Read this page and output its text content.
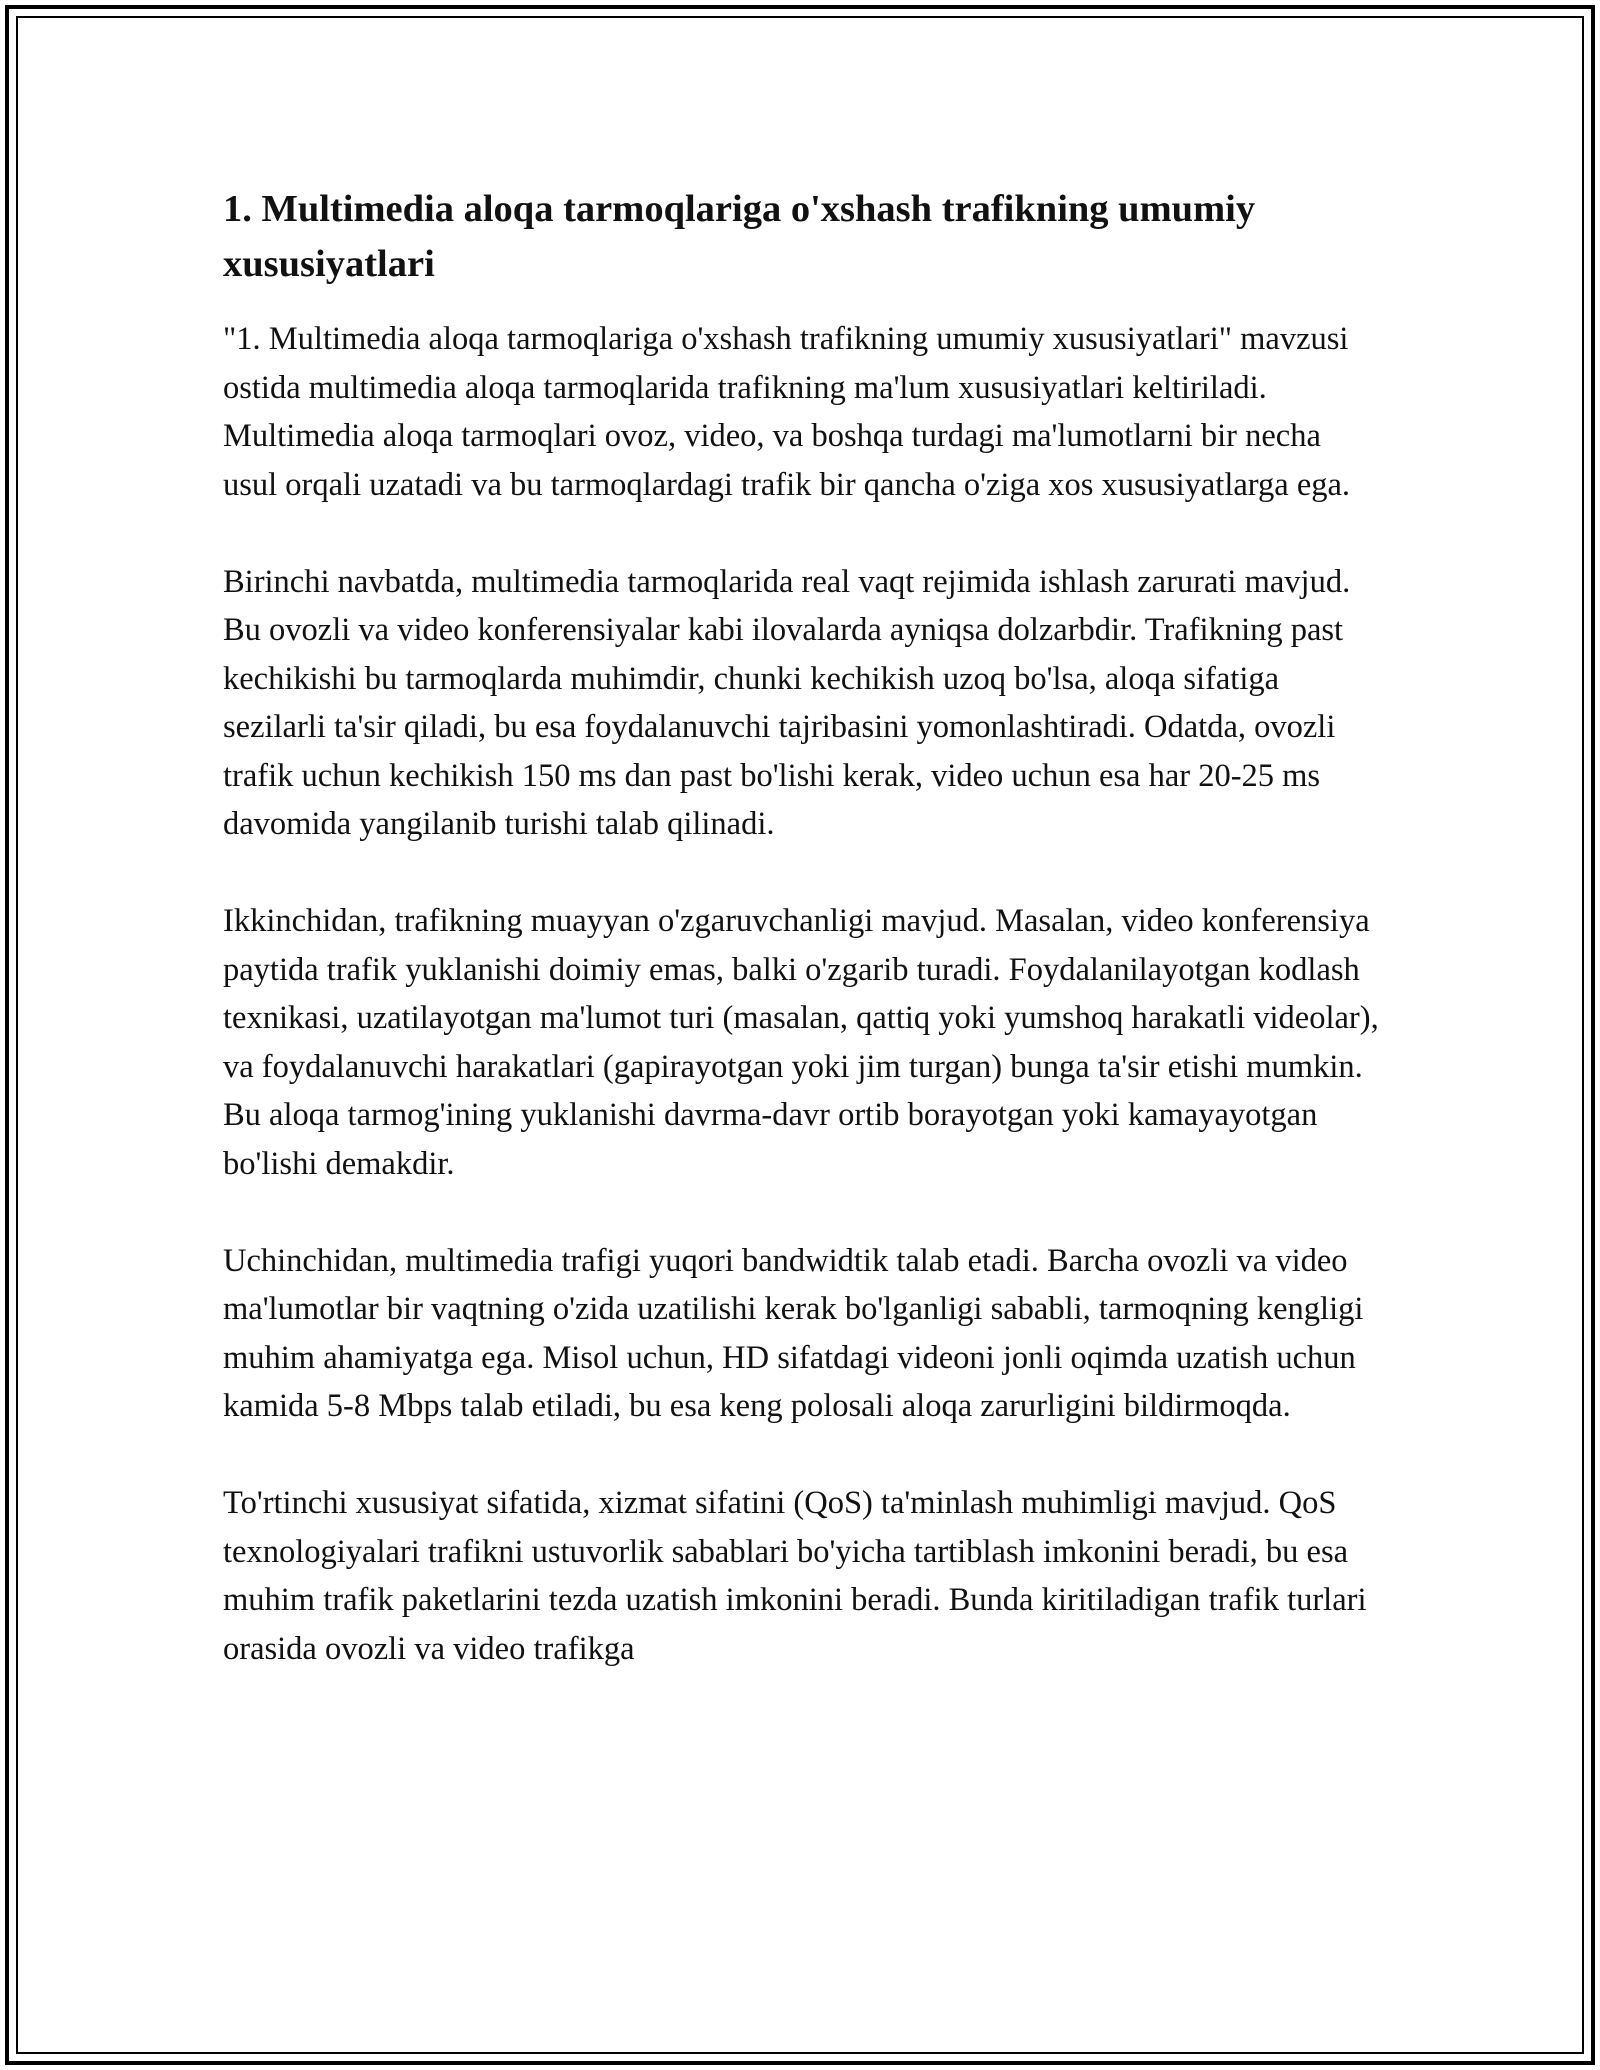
1. Multimedia aloqa tarmoqlariga o'xshash trafikning umumiy xususiyatlari

"1. Multimedia aloqa tarmoqlariga o'xshash trafikning umumiy xususiyatlari" mavzusi ostida multimedia aloqa tarmoqlarida trafikning ma'lum xususiyatlari keltiriladi. Multimedia aloqa tarmoqlari ovoz, video, va boshqa turdagi ma'lumotlarni bir necha usul orqali uzatadi va bu tarmoqlardagi trafik bir qancha o'ziga xos xususiyatlarga ega.

Birinchi navbatda, multimedia tarmoqlarida real vaqt rejimida ishlash zarurati mavjud. Bu ovozli va video konferensiyalar kabi ilovalarda ayniqsa dolzarbdir. Trafikning past kechikishi bu tarmoqlarda muhimdir, chunki kechikish uzoq bo'lsa, aloqa sifatiga sezilarli ta'sir qiladi, bu esa foydalanuvchi tajribasini yomonlashtiradi. Odatda, ovozli trafik uchun kechikish 150 ms dan past bo'lishi kerak, video uchun esa har 20-25 ms davomida yangilanib turishi talab qilinadi.

Ikkinchidan, trafikning muayyan o'zgaruvchanligi mavjud. Masalan, video konferensiya paytida trafik yuklanishi doimiy emas, balki o'zgarib turadi. Foydalanilayotgan kodlash texnikasi, uzatilayotgan ma'lumot turi (masalan, qattiq yoki yumshoq harakatli videolar), va foydalanuvchi harakatlari (gapirayotgan yoki jim turgan) bunga ta'sir etishi mumkin. Bu aloqa tarmog'ining yuklanishi davrma-davr ortib borayotgan yoki kamayayotgan bo'lishi demakdir.

Uchinchidan, multimedia trafigi yuqori bandwidtik talab etadi. Barcha ovozli va video ma'lumotlar bir vaqtning o'zida uzatilishi kerak bo'lganligi sababli, tarmoqning kengligi muhim ahamiyatga ega. Misol uchun, HD sifatdagi videoni jonli oqimda uzatish uchun kamida 5-8 Mbps talab etiladi, bu esa keng polosali aloqa zarurligini bildirmoqda.

To'rtinchi xususiyat sifatida, xizmat sifatini (QoS) ta'minlash muhimligi mavjud. QoS texnologiyalari trafikni ustuvorlik sabablari bo'yicha tartiblash imkonini beradi, bu esa muhim trafik paketlarini tezda uzatish imkonini beradi. Bunda kiritiladigan trafik turlari orasida ovozli va video trafikga
